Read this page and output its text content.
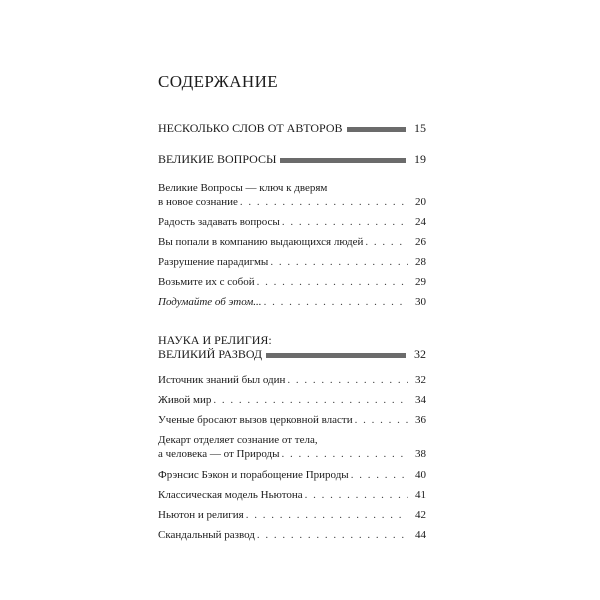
СОДЕРЖАНИЕ
НЕСКОЛЬКО СЛОВ ОТ АВТОРОВ	15
ВЕЛИКИЕ ВОПРОСЫ	19
Великие Вопросы — ключ к дверям
в новое сознание . . .	20
Радость задавать вопросы . . .	24
Вы попали в компанию выдающихся людей . . .	26
Разрушение парадигмы . . .	28
Возьмите их с собой . . .	29
Подумайте об этом... . . .	30
НАУКА И РЕЛИГИЯ:
ВЕЛИКИЙ РАЗВОД	32
Источник знаний был один . . .	32
Живой мир . . .	34
Ученые бросают вызов церковной власти . . .	36
Декарт отделяет сознание от тела,
а человека — от Природы . . .	38
Фрэнсис Бэкон и порабощение Природы . . .	40
Классическая модель Ньютона . . .	41
Ньютон и религия . . .	42
Скандальный развод . . .	44
